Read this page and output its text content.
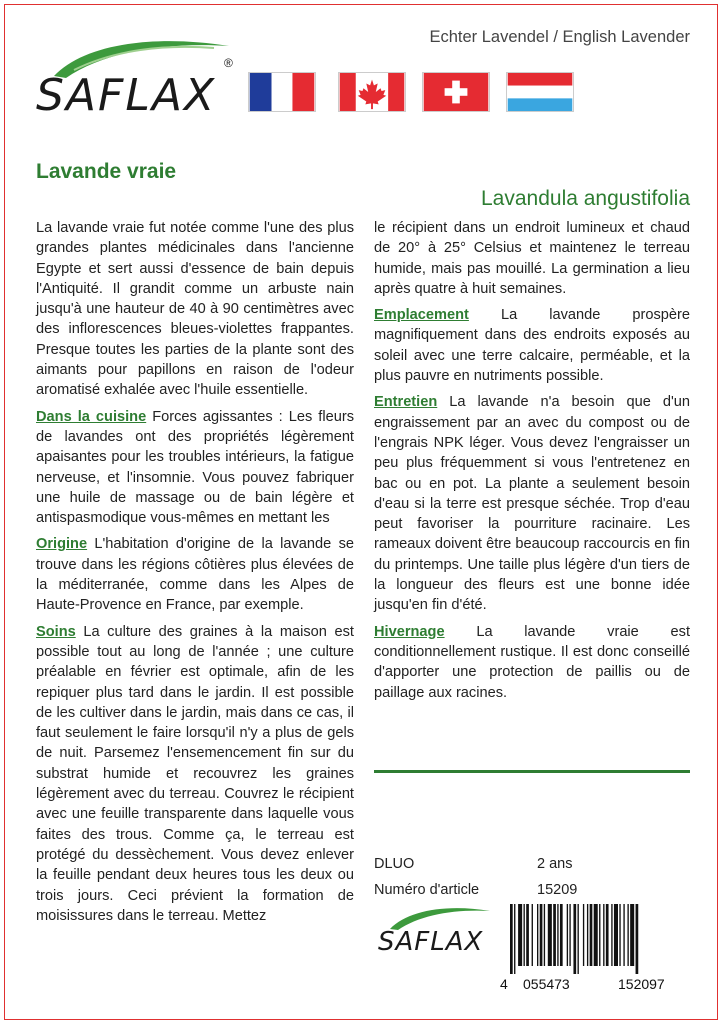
SAFLAX
®
Echter Lavendel / English Lavender
Lavande vraie
Lavandula angustifolia

La lavande vraie fut notée comme l'une des plus grandes plantes médicinales dans l'ancienne Egypte et sert aussi d'essence de bain depuis l'Antiquité. Il grandit comme un arbuste nain jusqu'à une hauteur de 40 à 90 centimètres avec des inflorescences bleues-violettes frappantes. Presque toutes les parties de la plante sont des aimants pour papillons en raison de l'odeur aromatisé exhalée avec l'huile essentielle.

Dans la cuisine Forces agissantes : Les fleurs de lavandes ont des propriétés légèrement apaisantes pour les troubles intérieurs, la fatigue nerveuse, et l'insomnie. Vous pouvez fabriquer une huile de massage ou de bain légère et antispasmodique vous-mêmes en mettant les

Origine L'habitation d'origine de la lavande se trouve dans les régions côtières plus élevées de la méditerranée, comme dans les Alpes de Haute-Provence en France, par exemple.

Soins La culture des graines à la maison est possible tout au long de l'année ; une culture préalable en février est optimale, afin de les repiquer plus tard dans le jardin. Il est possible de les cultiver dans le jardin, mais dans ce cas, il faut seulement le faire lorsqu'il n'y a plus de gels de nuit. Parsemez l'ensemencement fin sur du substrat humide et recouvrez les graines légèrement avec du terreau. Couvrez le récipient avec une feuille transparente dans laquelle vous faites des trous. Comme ça, le terreau est protégé du dessèchement. Vous devez enlever la feuille pendant deux heures tous les deux ou trois jours. Ceci prévient la formation de moisissures dans le terreau. Mettez

le récipient dans un endroit lumineux et chaud de 20° à 25° Celsius et maintenez le terreau humide, mais pas mouillé. La germination a lieu après quatre à huit semaines.

Emplacement La lavande prospère magnifiquement dans des endroits exposés au soleil avec une terre calcaire, perméable, et la plus pauvre en nutriments possible.

Entretien La lavande n'a besoin que d'un engraissement par an avec du compost ou de l'engrais NPK léger. Vous devez l'engraisser un peu plus fréquemment si vous l'entretenez en bac ou en pot. La plante a seulement besoin d'eau si la terre est presque séchée. Trop d'eau peut favoriser la pourriture racinaire. Les rameaux doivent être beaucoup raccourcis en fin du printemps. Une taille plus légère d'un tiers de la longueur des fleurs est une bonne idée jusqu'en fin d'été.

Hivernage La lavande vraie est conditionnellement rustique. Il est donc conseillé d'apporter une protection de paillis ou de paillage aux racines.

DLUO	2 ans
Numéro d'article	15209
SAFLAX
4 055473	152097
